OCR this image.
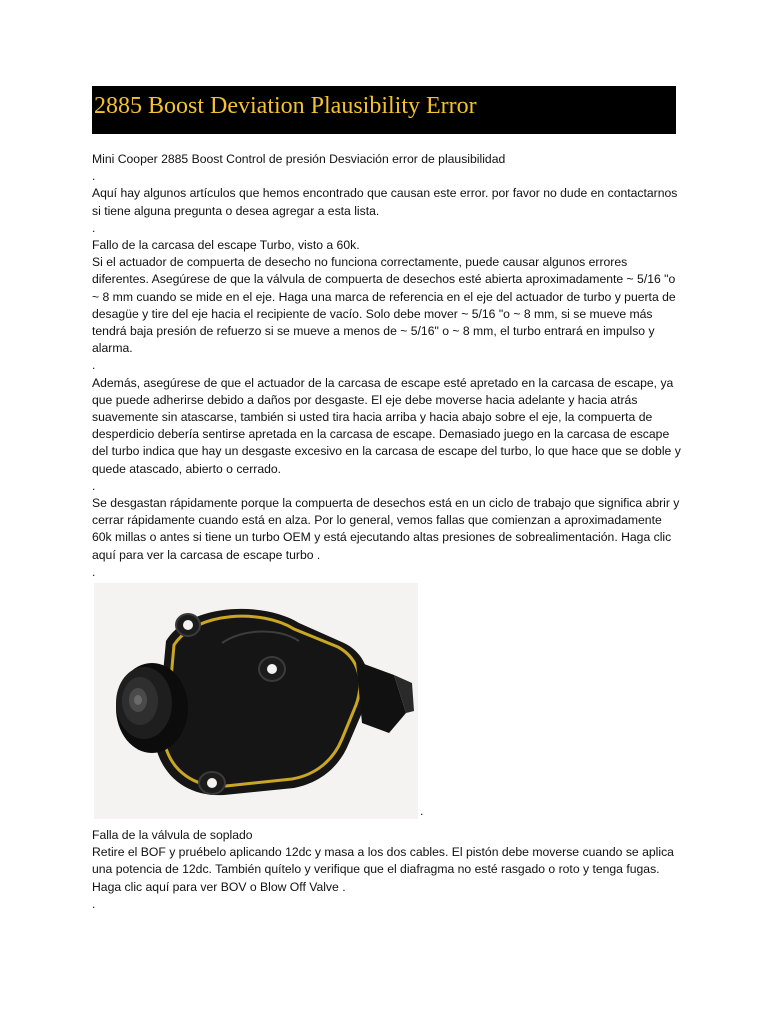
2885 Boost Deviation Plausibility Error

Mini Cooper 2885 Boost Control de presión Desviación error de plausibilidad

.

Aquí hay algunos artículos que hemos encontrado que causan este error. por favor no dude en contactarnos si tiene alguna pregunta o desea agregar a esta lista.

.

Fallo de la carcasa del escape Turbo, visto a 60k.

Si el actuador de compuerta de desecho no funciona correctamente, puede causar algunos errores diferentes. Asegúrese de que la válvula de compuerta de desechos esté abierta aproximadamente ~ 5/16 "o ~ 8 mm cuando se mide en el eje. Haga una marca de referencia en el eje del actuador de turbo y puerta de desagüe y tire del eje hacia el recipiente de vacío. Solo debe mover ~ 5/16 "o ~ 8 mm, si se mueve más tendrá baja presión de refuerzo si se mueve a menos de ~ 5/16" o ~ 8 mm, el turbo entrará en impulso y alarma.

.

Además, asegúrese de que el actuador de la carcasa de escape esté apretado en la carcasa de escape, ya que puede adherirse debido a daños por desgaste. El eje debe moverse hacia adelante y hacia atrás suavemente sin atascarse, también si usted tira hacia arriba y hacia abajo sobre el eje, la compuerta de desperdicio debería sentirse apretada en la carcasa de escape. Demasiado juego en la carcasa de escape del turbo indica que hay un desgaste excesivo en la carcasa de escape del turbo, lo que hace que se doble y quede atascado, abierto o cerrado.

.

Se desgastan rápidamente porque la compuerta de desechos está en un ciclo de trabajo que significa abrir y cerrar rápidamente cuando está en alza. Por lo general, vemos fallas que comienzan a aproximadamente 60k millas o antes si tiene un turbo OEM y está ejecutando altas presiones de sobrealimentación. Haga clic aquí para ver la carcasa de escape turbo .

.

.

Falla de la válvula de soplado

Retire el BOF y pruébelo aplicando 12dc y masa a los dos cables. El pistón debe moverse cuando se aplica una potencia de 12dc. También quítelo y verifique que el diafragma no esté rasgado o roto y tenga fugas. Haga clic aquí para ver BOV o Blow Off Valve .

.
